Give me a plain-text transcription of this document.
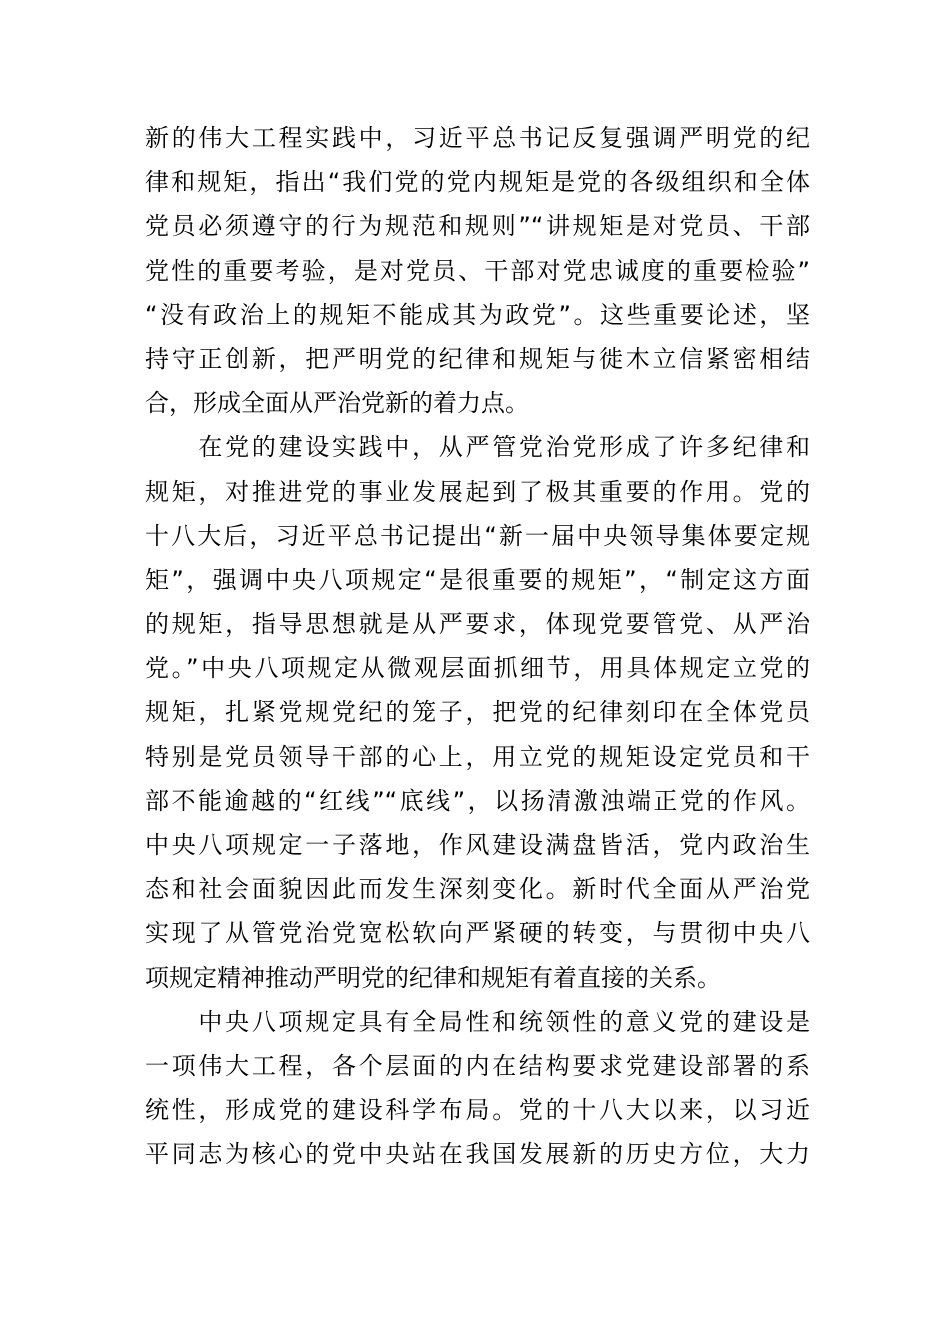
新的伟大工程实践中，习近平总书记反复强调严明党的纪
律和规矩，指出“我们党的党内规矩是党的各级组织和全体
党员必须遵守的行为规范和规则”“讲规矩是对党员、干部
党性的重要考验，是对党员、干部对党忠诚度的重要检验”
“没有政治上的规矩不能成其为政党”。这些重要论述，坚
持守正创新，把严明党的纪律和规矩与徙木立信紧密相结
合，形成全面从严治党新的着力点。
　　在党的建设实践中，从严管党治党形成了许多纪律和
规矩，对推进党的事业发展起到了极其重要的作用。党的
十八大后，习近平总书记提出“新一届中央领导集体要定规
矩”，强调中央八项规定“是很重要的规矩”，“制定这方面
的规矩，指导思想就是从严要求，体现党要管党、从严治
党。”中央八项规定从微观层面抓细节，用具体规定立党的
规矩，扎紧党规党纪的笼子，把党的纪律刻印在全体党员
特别是党员领导干部的心上，用立党的规矩设定党员和干
部不能逾越的“红线”“底线”，以扬清激浊端正党的作风。
中央八项规定一子落地，作风建设满盘皆活，党内政治生
态和社会面貌因此而发生深刻变化。新时代全面从严治党
实现了从管党治党宽松软向严紧硬的转变，与贯彻中央八
项规定精神推动严明党的纪律和规矩有着直接的关系。
　　中央八项规定具有全局性和统领性的意义党的建设是
一项伟大工程，各个层面的内在结构要求党建设部署的系
统性，形成党的建设科学布局。党的十八大以来，以习近
平同志为核心的党中央站在我国发展新的历史方位，大力
